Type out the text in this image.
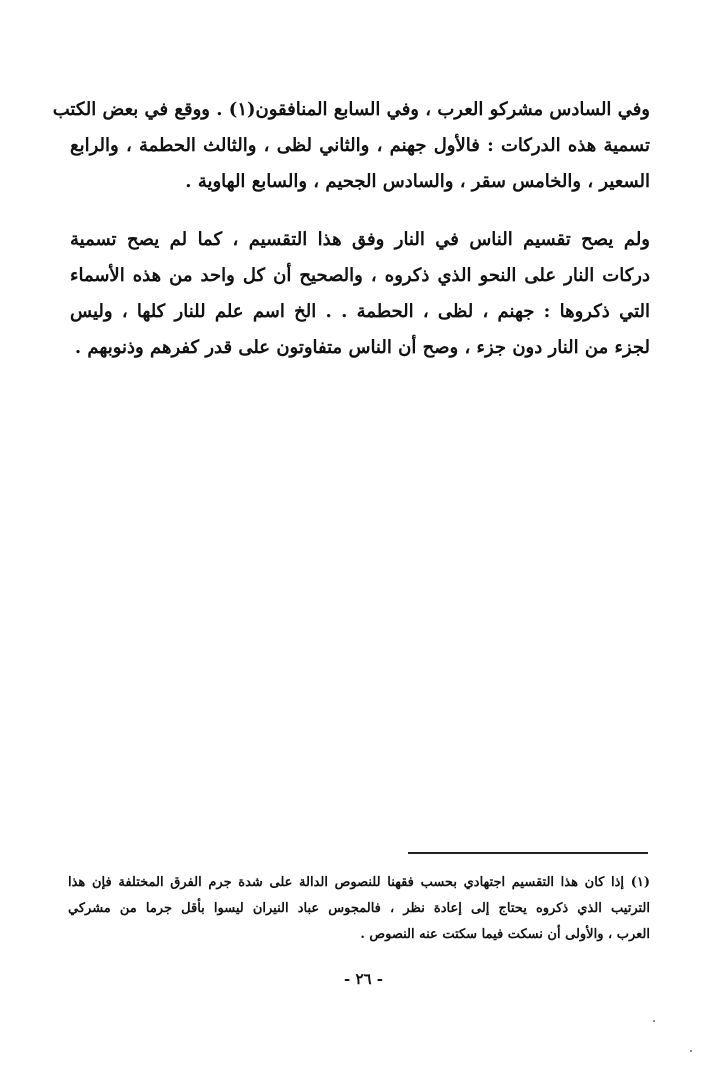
وفي السادس مشركو العرب ، وفي السابع المنافقون(١) . ووقع في بعض الكتب
تسمية هذه الدركات : فالأول جهنم ، والثاني لظى ، والثالث الحطمة ، والرابع
السعير ، والخامس سقر ، والسادس الجحيم ، والسابع الهاوية .
ولم يصح تقسيم الناس في النار وفق هذا التقسيم ، كما لم يصح تسمية
دركات النار على النحو الذي ذكروه ، والصحيح أن كل واحد من هذه الأسماء
التي ذكروها : جهنم ، لظى ، الحطمة . . الخ اسم علم للنار كلها ، وليس
لجزء من النار دون جزء ، وصح أن الناس متفاوتون على قدر كفرهم وذنوبهم .
(١) إذا كان هذا التقسيم اجتهادي بحسب فقهنا للنصوص الدالة على شدة جرم الفرق المختلفة فإن هذا
الترتيب الذي ذكروه يحتاج إلى إعادة نظر ، فالمجوس عباد النيران ليسوا بأقل جرما من مشركي
العرب ، والأولى أن نسكت فيما سكتت عنه النصوص .
- ٢٦ -
